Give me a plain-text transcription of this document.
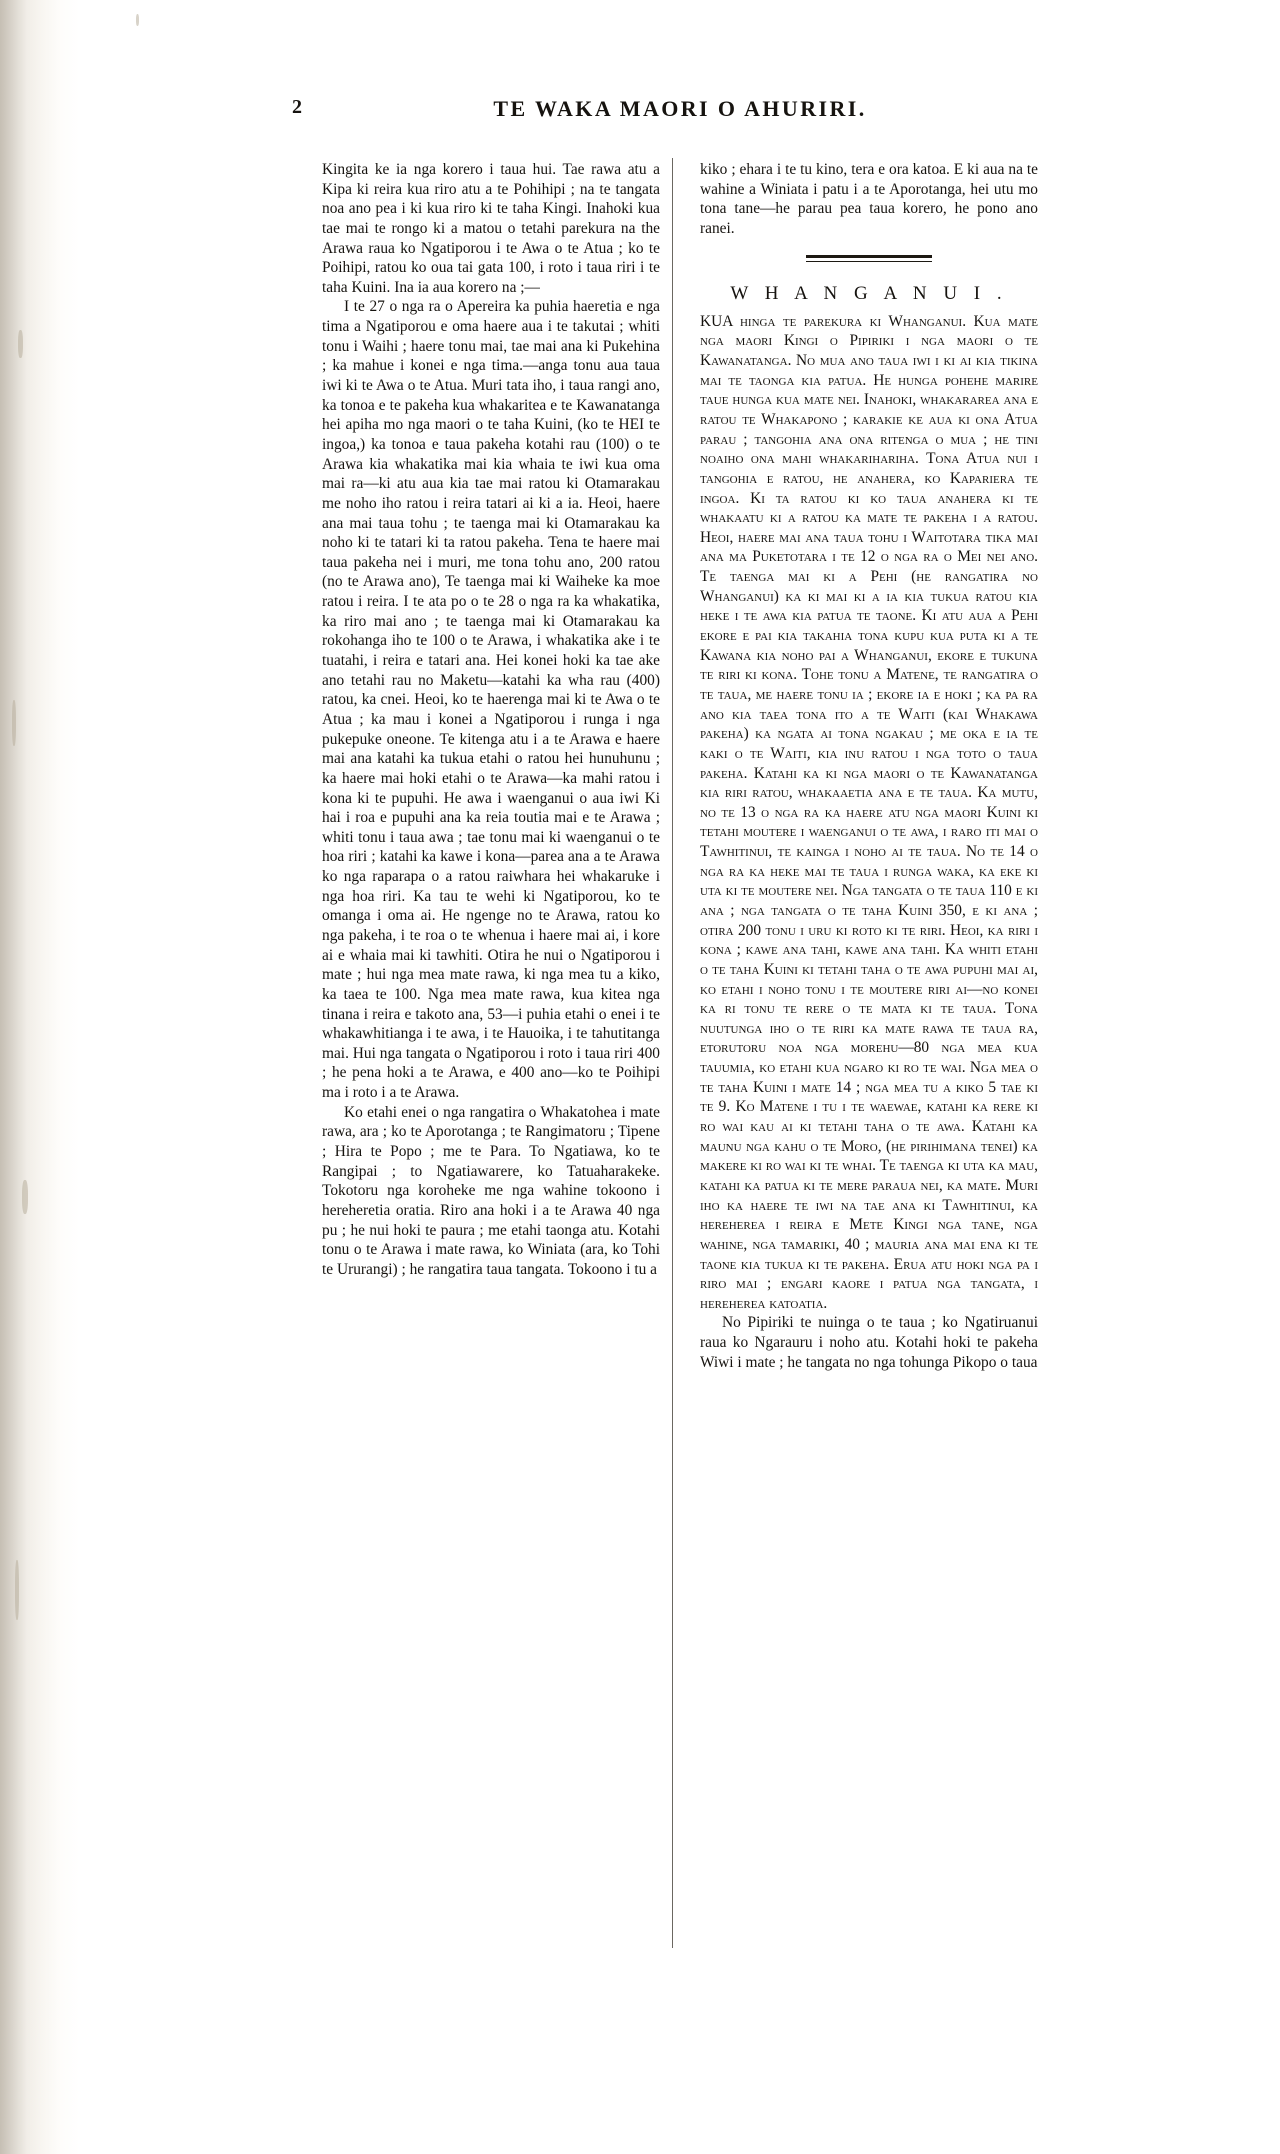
2	TE WAKA MAORI O AHURIRI.

Kingita ke ia nga korero i taua hui. Tae rawa atu a Kipa ki reira kua riro atu a te Pohihipi ; na te tangata noa ano pea i ki kua riro ki te taha Kingi. Inahoki kua tae mai te rongo ki a matou o tetahi parekura na the Arawa raua ko Ngatiporou i te Awa o te Atua ; ko te Poihipi, ratou ko oua tai gata 100, i roto i taua riri i te taha Kuini. Ina ia aua korero na ;—

I te 27 o nga ra o Apereira ka puhia haeretia e nga tima a Ngatiporou e oma haere aua i te takutai ; whiti tonu i Waihi ; haere tonu mai, tae mai ana ki Pukehina ; ka mahue i konei e nga tima.—anga tonu aua taua iwi ki te Awa o te Atua. Muri tata iho, i taua rangi ano, ka tonoa e te pakeha kua whakaritea e te Kawanatanga hei apiha mo nga maori o te taha Kuini, (ko te HEI te ingoa,) ka tonoa e taua pakeha kotahi rau (100) o te Arawa kia whakatika mai kia whaia te iwi kua oma mai ra—ki atu aua kia tae mai ratou ki Otamarakau me noho iho ratou i reira tatari ai ki a ia. Heoi, haere ana mai taua tohu ; te taenga mai ki Otamarakau ka noho ki te tatari ki ta ratou pakeha. Tena te haere mai taua pakeha nei i muri, me tona tohu ano, 200 ratou (no te Arawa ano), Te taenga mai ki Waiheke ka moe ratou i reira. I te ata po o te 28 o nga ra ka whakatika, ka riro mai ano ; te taenga mai ki Otamarakau ka rokohanga iho te 100 o te Arawa, i whakatika ake i te tuatahi, i reira e tatari ana. Hei konei hoki ka tae ake ano tetahi rau no Maketu—katahi ka wha rau (400) ratou, ka cnei. Heoi, ko te haerenga mai ki te Awa o te Atua ; ka mau i konei a Ngatiporou i runga i nga pukepuke oneone. Te kitenga atu i a te Arawa e haere mai ana katahi ka tukua etahi o ratou hei hunuhunu ; ka haere mai hoki etahi o te Arawa—ka mahi ratou i kona ki te pupuhi. He awa i waenganui o aua iwi Ki hai i roa e pupuhi ana ka reia toutia mai e te Arawa ; whiti tonu i taua awa ; tae tonu mai ki waenganui o te hoa riri ; katahi ka kawe i kona—parea ana a te Arawa ko nga raparapa o a ratou raiwhara hei whakaruke i nga hoa riri. Ka tau te wehi ki Ngatiporou, ko te omanga i oma ai. He ngenge no te Arawa, ratou ko nga pakeha, i te roa o te whenua i haere mai ai, i kore ai e whaia mai ki tawhiti. Otira he nui o Ngatiporou i mate ; hui nga mea mate rawa, ki nga mea tu a kiko, ka taea te 100. Nga mea mate rawa, kua kitea nga tinana i reira e takoto ana, 53—i puhia etahi o enei i te whakawhitianga i te awa, i te Hauoika, i te tahutitanga mai. Hui nga tangata o Ngatiporou i roto i taua riri 400 ; he pena hoki a te Arawa, e 400 ano—ko te Poihipi ma i roto i a te Arawa.

Ko etahi enei o nga rangatira o Whakatohea i mate rawa, ara ; ko te Aporotanga ; te Rangimatoru ; Tipene ; Hira te Popo ; me te Para. To Ngatiawa, ko te Rangipai ; to Ngatiawarere, ko Tatuaharakeke. Tokotoru nga koroheke me nga wahine tokoono i hereheretia oratia. Riro ana hoki i a te Arawa 40 nga pu ; he nui hoki te paura ; me etahi taonga atu. Kotahi tonu o te Arawa i mate rawa, ko Winiata (ara, ko Tohi te Ururangi) ; he rangatira taua tangata. Tokoono i tu a

kiko ; ehara i te tu kino, tera e ora katoa. E ki aua na te wahine a Winiata i patu i a te Aporotanga, hei utu mo tona tane—he parau pea taua korero, he pono ano ranei.

W H A N G A N U I .

KUA hinga te parekura ki Whanganui. Kua mate nga maori Kingi o Pipiriki i nga maori o te Kawanatanga. No mua ano taua iwi i ki ai kia tikina mai te taonga kia patua. He hunga pohehe marire taue hunga kua mate nei. Inahoki, whakararea ana e ratou te Whakapono ; karakie ke aua ki ona Atua parau ; tangohia ana ona ritenga o mua ; he tini noaiho ona mahi whakarihariha. Tona Atua nui i tangohia e ratou, he anahera, ko Kapariera te ingoa. Ki ta ratou ki ko taua anahera ki te whakaatu ki a ratou ka mate te pakeha i a ratou. Heoi, haere mai ana taua tohu i Waitotara tika mai ana ma Puketotara i te 12 o nga ra o Mei nei ano. Te taenga mai ki a Pehi (he rangatira no Whanganui) ka ki mai ki a ia kia tukua ratou kia heke i te awa kia patua te taone. Ki atu aua a Pehi ekore e pai kia takahia tona kupu kua puta ki a te Kawana kia noho pai a Whanganui, ekore e tukuna te riri ki kona. Tohe tonu a Matene, te rangatira o te taua, me haere tonu ia ; ekore ia e hoki ; ka pa ra ano kia taea tona ito a te Waiti (kai Whakawa pakeha) ka ngata ai tona ngakau ; me oka e ia te kaki o te Waiti, kia inu ratou i nga toto o taua pakeha. Katahi ka ki nga maori o te Kawanatanga kia riri ratou, whakaaetia ana e te taua. Ka mutu, no te 13 o nga ra ka haere atu nga maori Kuini ki tetahi moutere i waenganui o te awa, i raro iti mai o Tawhitinui, te kainga i noho ai te taua. No te 14 o nga ra ka heke mai te taua i runga waka, ka eke ki uta ki te moutere nei. Nga tangata o te taua 110 e ki ana ; nga tangata o te taha Kuini 350, e ki ana ; otira 200 tonu i uru ki roto ki te riri. Heoi, ka riri i kona ; kawe ana tahi, kawe ana tahi. Ka whiti etahi o te taha Kuini ki tetahi taha o te awa pupuhi mai ai, ko etahi i noho tonu i te moutere riri ai—no konei ka ri tonu te rere o te mata ki te taua. Tona nuutunga iho o te riri ka mate rawa te taua ra, etorutoru noa nga morehu—80 nga mea kua tauumia, ko etahi kua ngaro ki ro te wai. Nga mea o te taha Kuini i mate 14 ; nga mea tu a kiko 5 tae ki te 9. Ko Matene i tu i te waewae, katahi ka rere ki ro wai kau ai ki tetahi taha o te awa. Katahi ka maunu nga kahu o te Moro, (he pirihimana tenei) ka makere ki ro wai ki te whai. Te taenga ki uta ka mau, katahi ka patua ki te mere paraua nei, ka mate. Muri iho ka haere te iwi na tae ana ki Tawhitinui, ka hereherea i reira e Mete Kingi nga tane, nga wahine, nga tamariki, 40 ; mauria ana mai ena ki te taone kia tukua ki te pakeha. Erua atu hoki nga pa i riro mai ; engari kaore i patua nga tangata, i hereherea katoatia.

No Pipiriki te nuinga o te taua ; ko Ngatiruanui raua ko Ngarauru i noho atu. Kotahi hoki te pakeha Wiwi i mate ; he tangata no nga tohunga Pikopo o taua
